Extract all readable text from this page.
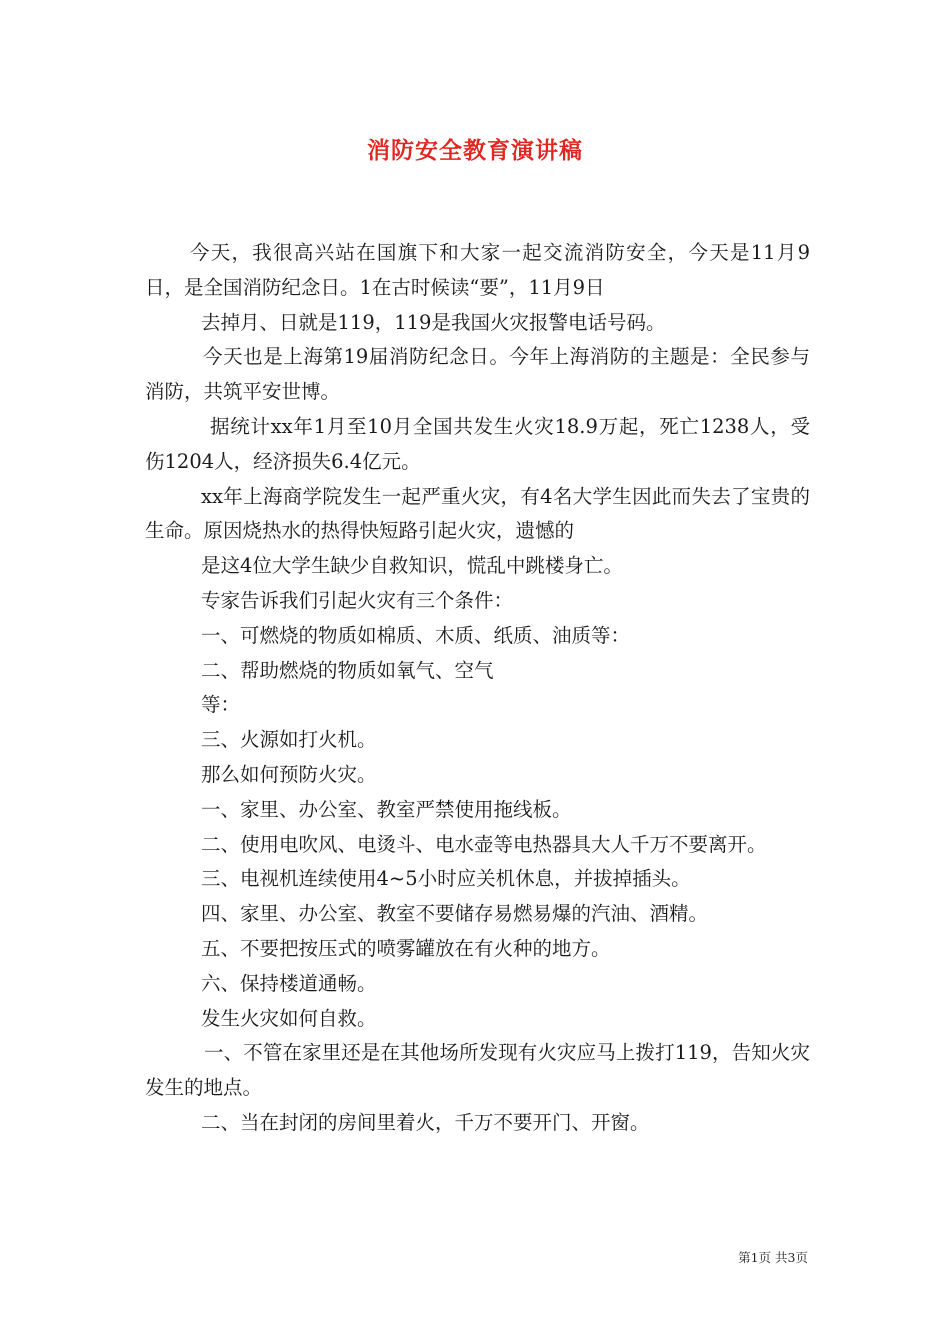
消防安全教育演讲稿

今天，我很高兴站在国旗下和大家一起交流消防安全，今天是11月9日，是全国消防纪念日。1在古时候读“要”，11月9日

去掉月、日就是119，119是我国火灾报警电话号码。

今天也是上海第19届消防纪念日。今年上海消防的主题是：全民参与消防，共筑平安世博。

据统计xx年1月至10月全国共发生火灾18.9万起，死亡1238人，受伤1204人，经济损失6.4亿元。

xx年上海商学院发生一起严重火灾，有4名大学生因此而失去了宝贵的生命。原因烧热水的热得快短路引起火灾，遗憾的

是这4位大学生缺少自救知识，慌乱中跳楼身亡。

专家告诉我们引起火灾有三个条件：

一、可燃烧的物质如棉质、木质、纸质、油质等：

二、帮助燃烧的物质如氧气、空气

等：

三、火源如打火机。

那么如何预防火灾。

一、家里、办公室、教室严禁使用拖线板。

二、使用电吹风、电烫斗、电水壶等电热器具大人千万不要离开。

三、电视机连续使用4~5小时应关机休息，并拔掉插头。

四、家里、办公室、教室不要储存易燃易爆的汽油、酒精。

五、不要把按压式的喷雾罐放在有火种的地方。

六、保持楼道通畅。

发生火灾如何自救。

一、不管在家里还是在其他场所发现有火灾应马上拨打119，告知火灾发生的地点。

二、当在封闭的房间里着火，千万不要开门、开窗。

第1页 共3页
